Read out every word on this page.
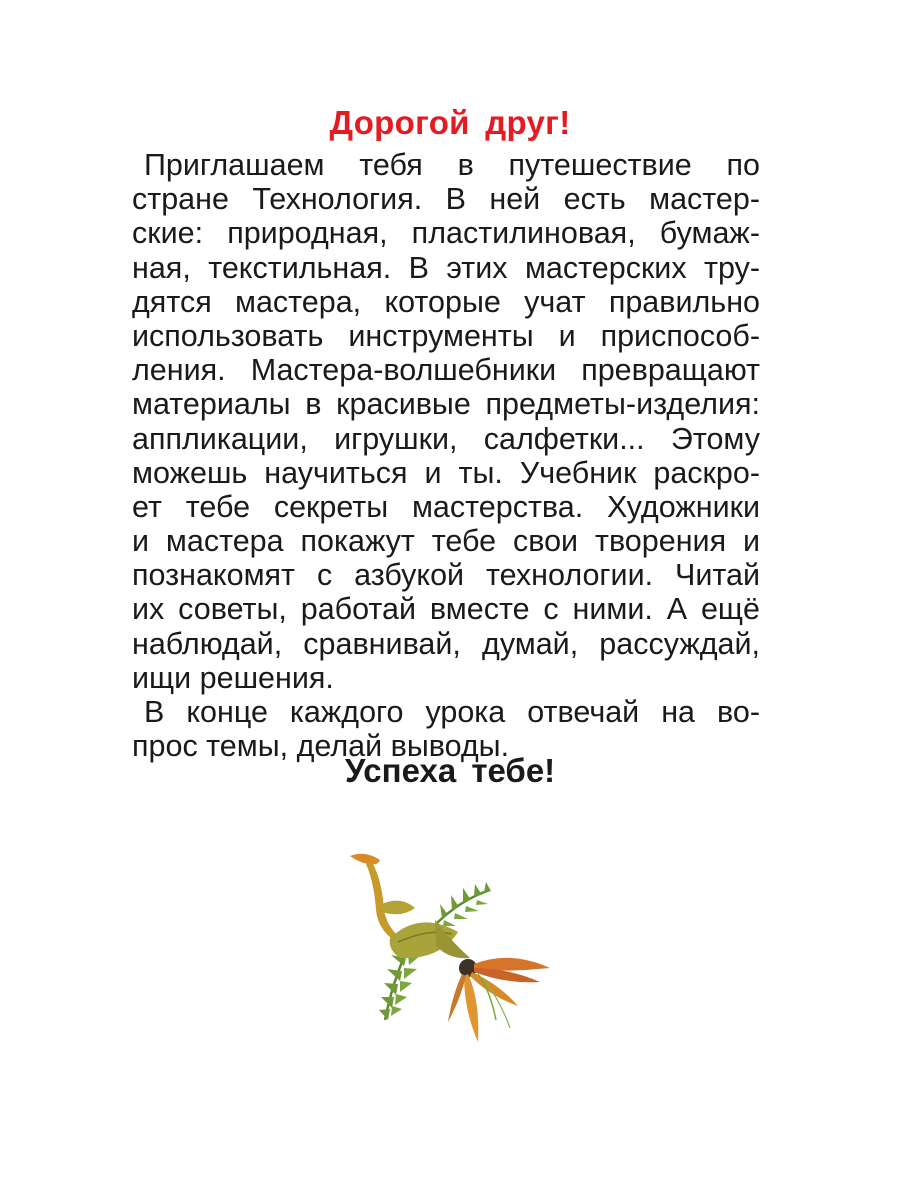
Дорогой друг!
Приглашаем тебя в путешествие по
стране Технология. В ней есть мастер-
ские: природная, пластилиновая, бумаж-
ная, текстильная. В этих мастерских тру-
дятся мастера, которые учат правильно
использовать инструменты и приспособ-
ления. Мастера-волшебники превращают
материалы в красивые предметы-изделия:
аппликации, игрушки, салфетки... Этому
можешь научиться и ты. Учебник раскро-
ет тебе секреты мастерства. Художники
и мастера покажут тебе свои творения и
познакомят с азбукой технологии. Читай
их советы, работай вместе с ними. А ещё
наблюдай, сравнивай, думай, рассуждай,
ищи решения.
В конце каждого урока отвечай на во-
прос темы, делай выводы.
Успеха тебе!
